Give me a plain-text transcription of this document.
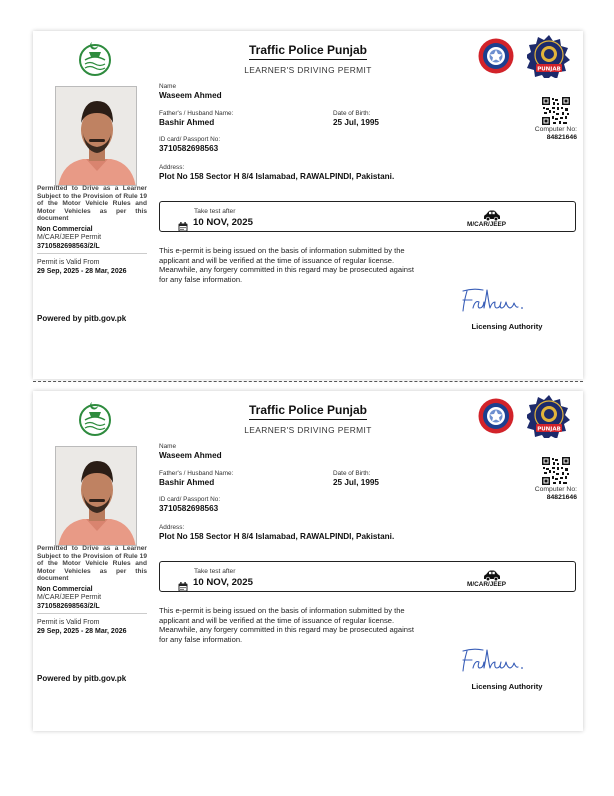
Permitted to Drive as a Learner Subject to the Provision of Rule 19 of the Motor Vehicle Rules and Motor Vehicles as per this document
Non Commercial
M/CAR/JEEP Permit
3710582698563/2/L
Permit is Valid From
29 Sep, 2025 - 28 Mar, 2026
Powered by pitb.gov.pk
Traffic Police Punjab
LEARNER'S DRIVING PERMIT	PUNJAB
Computer No:
84821646
Name
Waseem Ahmed
Father's / Husband Name:
Bashir Ahmed
Date of Birth:
25 Jul, 1995
ID card/ Passport No:
3710582698563
Address:
Plot No 158 Sector H 8/4 Islamabad, RAWALPINDI, Pakistani.
Take test after
10 NOV, 2025	M/CAR/JEEP
This e-permit is being issued on the basis of information submitted by the applicant and will be verified at the time of issuance of regular license. Meanwhile, any forgery committed in this regard may be prosecuted against for any false information.
Licensing Authority
Permitted to Drive as a Learner Subject to the Provision of Rule 19 of the Motor Vehicle Rules and Motor Vehicles as per this document
Non Commercial
M/CAR/JEEP Permit
3710582698563/2/L
Permit is Valid From
29 Sep, 2025 - 28 Mar, 2026
Powered by pitb.gov.pk
Traffic Police Punjab
LEARNER'S DRIVING PERMIT	PUNJAB
Computer No:
84821646
Name
Waseem Ahmed
Father's / Husband Name:
Bashir Ahmed
Date of Birth:
25 Jul, 1995
ID card/ Passport No:
3710582698563
Address:
Plot No 158 Sector H 8/4 Islamabad, RAWALPINDI, Pakistani.
Take test after
10 NOV, 2025	M/CAR/JEEP
This e-permit is being issued on the basis of information submitted by the applicant and will be verified at the time of issuance of regular license. Meanwhile, any forgery committed in this regard may be prosecuted against for any false information.
Licensing Authority
